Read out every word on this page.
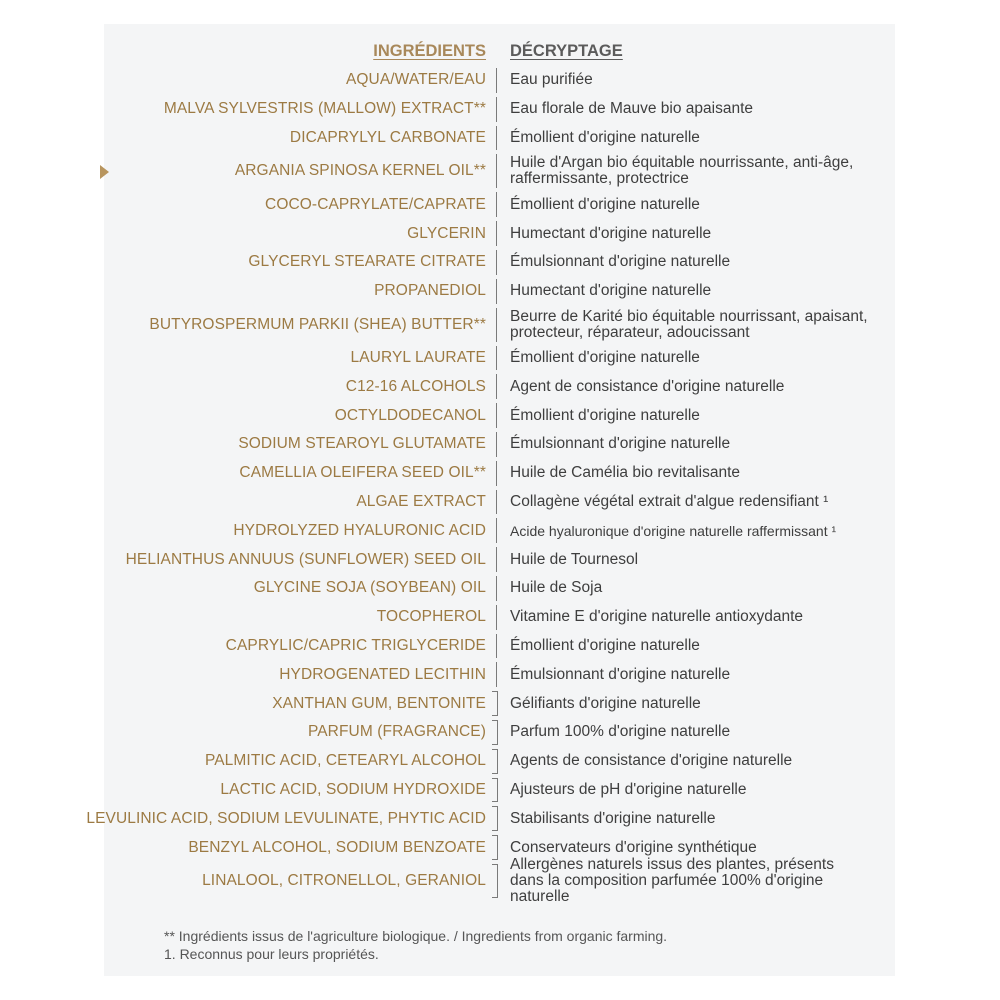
INGRÉDIENTS DÉCRYPTAGE
AQUA/WATER/EAU Eau purifiée
MALVA SYLVESTRIS (MALLOW) EXTRACT** Eau florale de Mauve bio apaisante
DICAPRYLYL CARBONATE Émollient d'origine naturelle
ARGANIA SPINOSA KERNEL OIL** Huile d'Argan bio équitable nourrissante, anti-âge, raffermissante, protectrice
COCO-CAPRYLATE/CAPRATE Émollient d'origine naturelle
GLYCERIN Humectant d'origine naturelle
GLYCERYL STEARATE CITRATE Émulsionnant d'origine naturelle
PROPANEDIOL Humectant d'origine naturelle
BUTYROSPERMUM PARKII (SHEA) BUTTER** Beurre de Karité bio équitable nourrissant, apaisant, protecteur, réparateur, adoucissant
LAURYL LAURATE Émollient d'origine naturelle
C12-16 ALCOHOLS Agent de consistance d'origine naturelle
OCTYLDODECANOL Émollient d'origine naturelle
SODIUM STEAROYL GLUTAMATE Émulsionnant d'origine naturelle
CAMELLIA OLEIFERA SEED OIL** Huile de Camélia bio revitalisante
ALGAE EXTRACT Collagène végétal extrait d'algue redensifiant ¹
HYDROLYZED HYALURONIC ACID Acide hyaluronique d'origine naturelle raffermissant ¹
HELIANTHUS ANNUUS (SUNFLOWER) SEED OIL Huile de Tournesol
GLYCINE SOJA (SOYBEAN) OIL Huile de Soja
TOCOPHEROL Vitamine E d'origine naturelle antioxydante
CAPRYLIC/CAPRIC TRIGLYCERIDE Émollient d'origine naturelle
HYDROGENATED LECITHIN Émulsionnant d'origine naturelle
XANTHAN GUM, BENTONITE Gélifiants d'origine naturelle
PARFUM (FRAGRANCE) Parfum 100% d'origine naturelle
PALMITIC ACID, CETEARYL ALCOHOL Agents de consistance d'origine naturelle
LACTIC ACID, SODIUM HYDROXIDE Ajusteurs de pH d'origine naturelle
LEVULINIC ACID, SODIUM LEVULINATE, PHYTIC ACID Stabilisants d'origine naturelle
BENZYL ALCOHOL, SODIUM BENZOATE Conservateurs d'origine synthétique
LINALOOL, CITRONELLOL, GERANIOL
Allergènes naturels issus des plantes, présents dans la composition parfumée 100% d'origine naturelle
** Ingrédients issus de l'agriculture biologique. / Ingredients from organic farming.
1. Reconnus pour leurs propriétés.
